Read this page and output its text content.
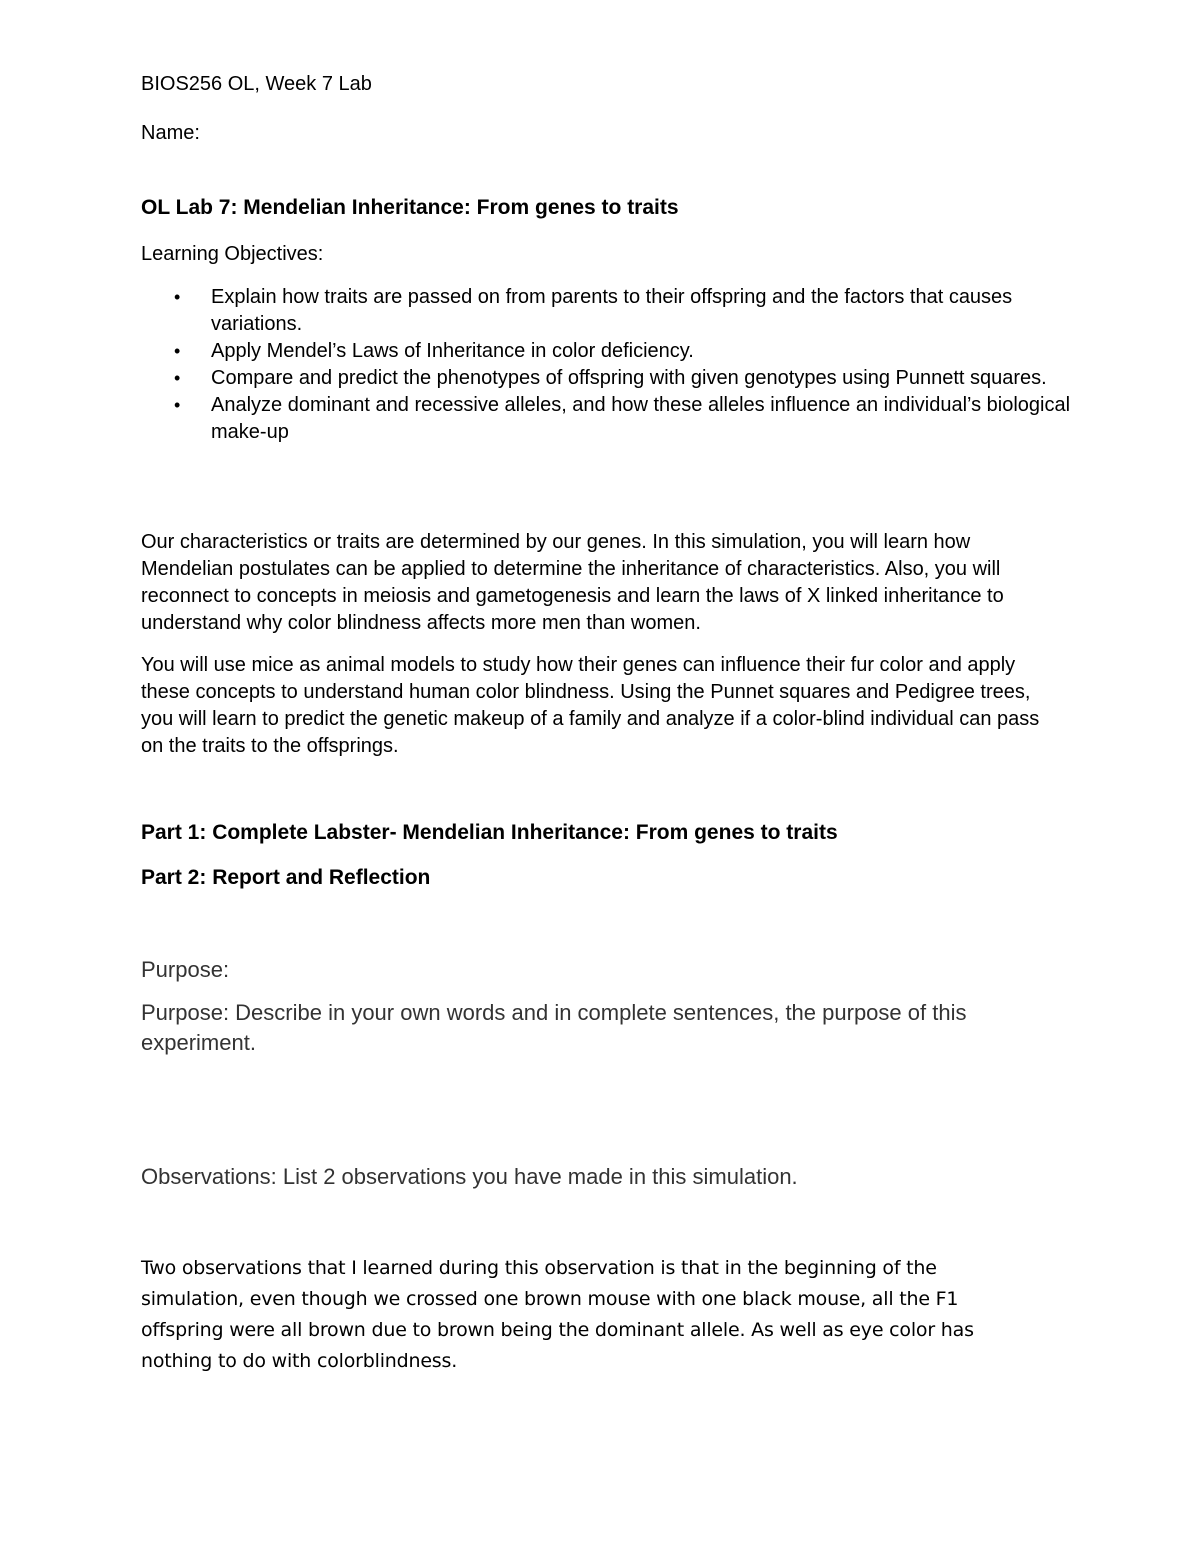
BIOS256 OL, Week 7 Lab

Name:

OL Lab 7: Mendelian Inheritance: From genes to traits

Learning Objectives:

• Explain how traits are passed on from parents to their offspring and the factors that causes variations.
• Apply Mendel’s Laws of Inheritance in color deficiency.
• Compare and predict the phenotypes of offspring with given genotypes using Punnett squares.
• Analyze dominant and recessive alleles, and how these alleles influence an individual’s biological make-up

Our characteristics or traits are determined by our genes. In this simulation, you will learn how Mendelian postulates can be applied to determine the inheritance of characteristics. Also, you will reconnect to concepts in meiosis and gametogenesis and learn the laws of X linked inheritance to understand why color blindness affects more men than women.

You will use mice as animal models to study how their genes can influence their fur color and apply these concepts to understand human color blindness. Using the Punnet squares and Pedigree trees, you will learn to predict the genetic makeup of a family and analyze if a color-blind individual can pass on the traits to the offsprings.

Part 1: Complete Labster- Mendelian Inheritance: From genes to traits
Part 2: Report and Reflection

Purpose:

Purpose: Describe in your own words and in complete sentences, the purpose of this experiment.

Observations: List 2 observations you have made in this simulation.

Two observations that I learned during this observation is that in the beginning of the simulation, even though we crossed one brown mouse with one black mouse, all the F1 offspring were all brown due to brown being the dominant allele. As well as eye color has nothing to do with colorblindness.
